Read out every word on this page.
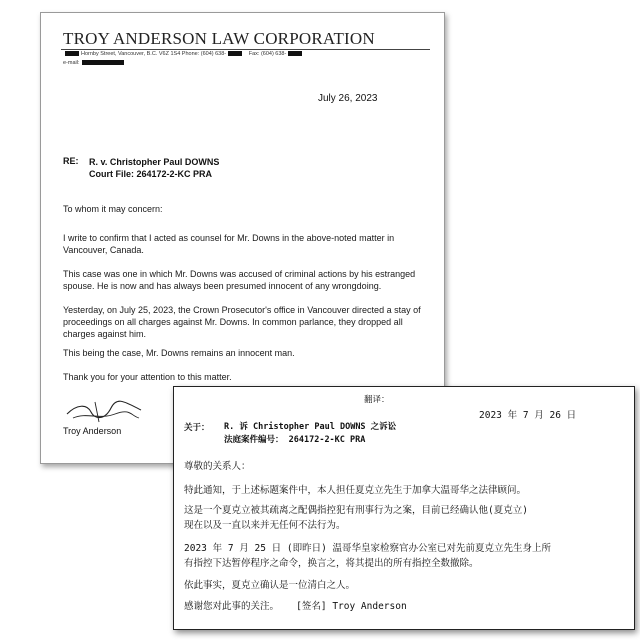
TROY ANDERSON LAW CORPORATION
Hornby Street, Vancouver, B.C. V6Z 1S4 Phone: (604) 638-	Fax: (604) 638-
e-mail:
July 26, 2023
RE: R. v. Christopher Paul DOWNS
Court File: 264172-2-KC PRA
To whom it may concern:
I write to confirm that I acted as counsel for Mr. Downs in the above-noted matter in Vancouver, Canada.
This case was one in which Mr. Downs was accused of criminal actions by his estranged spouse. He is now and has always been presumed innocent of any wrongdoing.
Yesterday, on July 25, 2023, the Crown Prosecutor's office in Vancouver directed a stay of proceedings on all charges against Mr. Downs. In common parlance, they dropped all charges against him.
This being the case, Mr. Downs remains an innocent man.
Thank you for your attention to this matter.
Troy Anderson
翻译：
2023 年 7 月 26 日
关于： R. 诉 Christopher Paul DOWNS 之诉讼
法庭案件编号： 264172-2-KC PRA
尊敬的关系人：
特此通知，于上述标题案件中，本人担任夏克立先生于加拿大温哥华之法律顾问。
这是一个夏克立被其疏离之配偶指控犯有刑事行为之案，目前已经确认他(夏克立)
现在以及一直以来并无任何不法行为。
2023 年 7 月 25 日 (即昨日) 温哥华皇家检察官办公室已对先前夏克立先生身上所
有指控下达暂停程序之命令，换言之，将其提出的所有指控全数撤除。
依此事实，夏克立确认是一位清白之人。
感谢您对此事的关注。   [签名] Troy Anderson
